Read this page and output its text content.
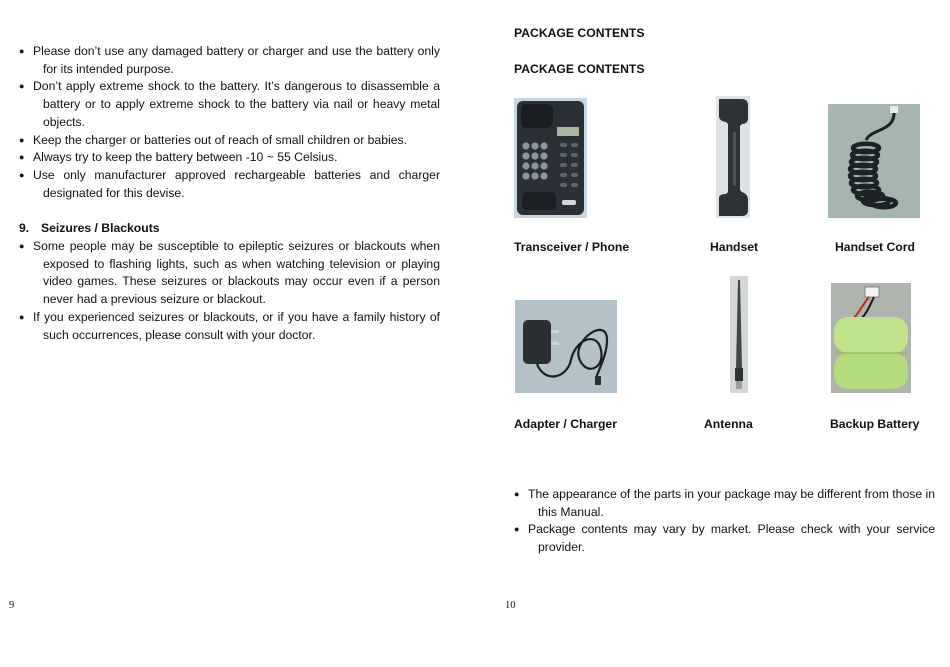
● Please don’t use any damaged battery or charger and use the battery only for its intended purpose.
● Don’t apply extreme shock to the battery. It’s dangerous to disassemble a battery or to apply extreme shock to the battery via nail or heavy metal objects.
● Keep the charger or batteries out of reach of small children or babies.
● Always try to keep the battery between -10 ~ 55 Celsius.
● Use only manufacturer approved rechargeable batteries and charger designated for this devise.
9. Seizures / Blackouts
● Some people may be susceptible to epileptic seizures or blackouts when exposed to flashing lights, such as when watching television or playing video games. These seizures or blackouts may occur even if a person never had a previous seizure or blackout.
● If you experienced seizures or blackouts, or if you have a family history of such occurrences, please consult with your doctor.
9
PACKAGE CONTENTS
PACKAGE CONTENTS
Transceiver / Phone	Handset	Handset Cord
Adapter / Charger	Antenna	Backup Battery
● The appearance of the parts in your package may be different from those in this Manual.
● Package contents may vary by market. Please check with your service provider.
10
